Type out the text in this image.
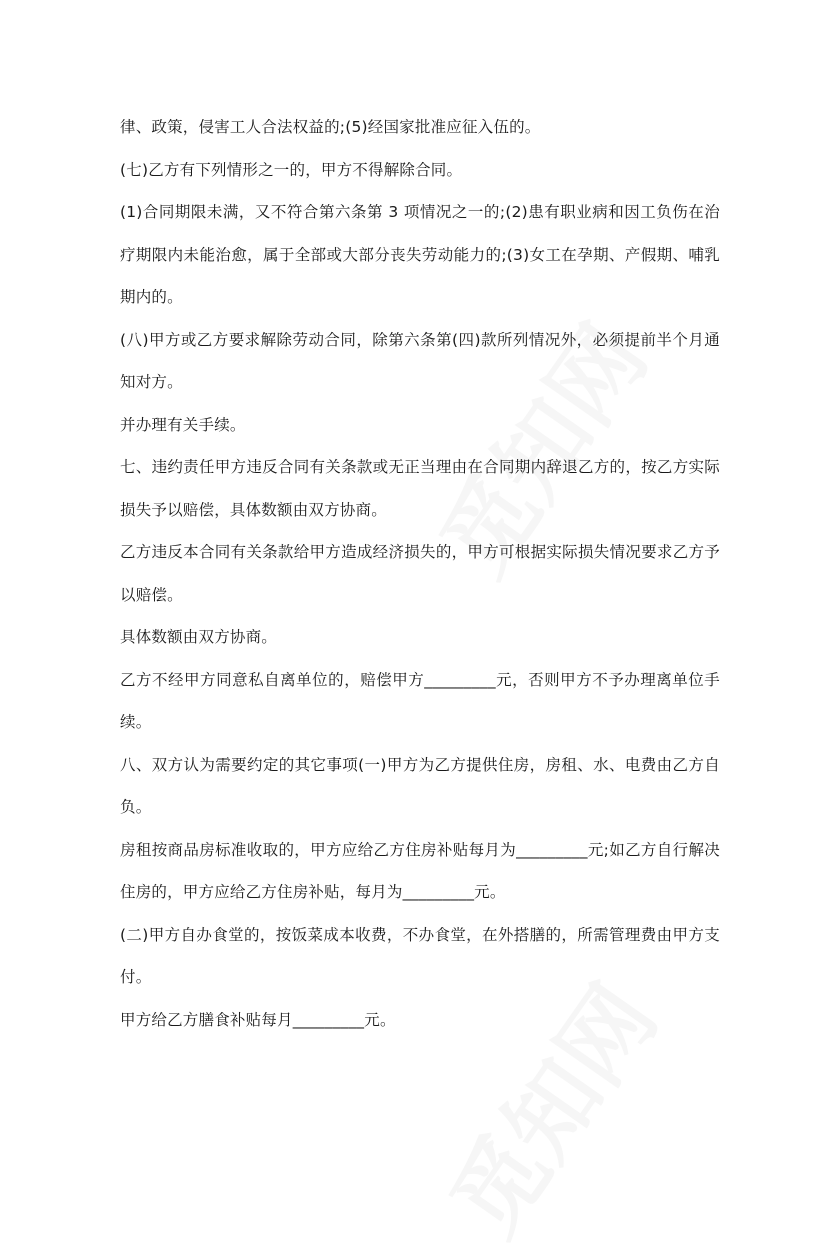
律、政策，侵害工人合法权益的;(5)经国家批准应征入伍的。

(七)乙方有下列情形之一的，甲方不得解除合同。

(1)合同期限未满，又不符合第六条第 3 项情况之一的;(2)患有职业病和因工负伤在治疗期限内未能治愈，属于全部或大部分丧失劳动能力的;(3)女工在孕期、产假期、哺乳期内的。

(八)甲方或乙方要求解除劳动合同，除第六条第(四)款所列情况外，必须提前半个月通知对方。

并办理有关手续。

七、违约责任甲方违反合同有关条款或无正当理由在合同期内辞退乙方的，按乙方实际损失予以赔偿，具体数额由双方协商。

乙方违反本合同有关条款给甲方造成经济损失的，甲方可根据实际损失情况要求乙方予以赔偿。

具体数额由双方协商。

乙方不经甲方同意私自离单位的，赔偿甲方_________元，否则甲方不予办理离单位手续。

八、双方认为需要约定的其它事项(一)甲方为乙方提供住房，房租、水、电费由乙方自负。

房租按商品房标准收取的，甲方应给乙方住房补贴每月为_________元;如乙方自行解决住房的，甲方应给乙方住房补贴，每月为_________元。

(二)甲方自办食堂的，按饭菜成本收费，不办食堂，在外搭膳的，所需管理费由甲方支付。

甲方给乙方膳食补贴每月_________元。
